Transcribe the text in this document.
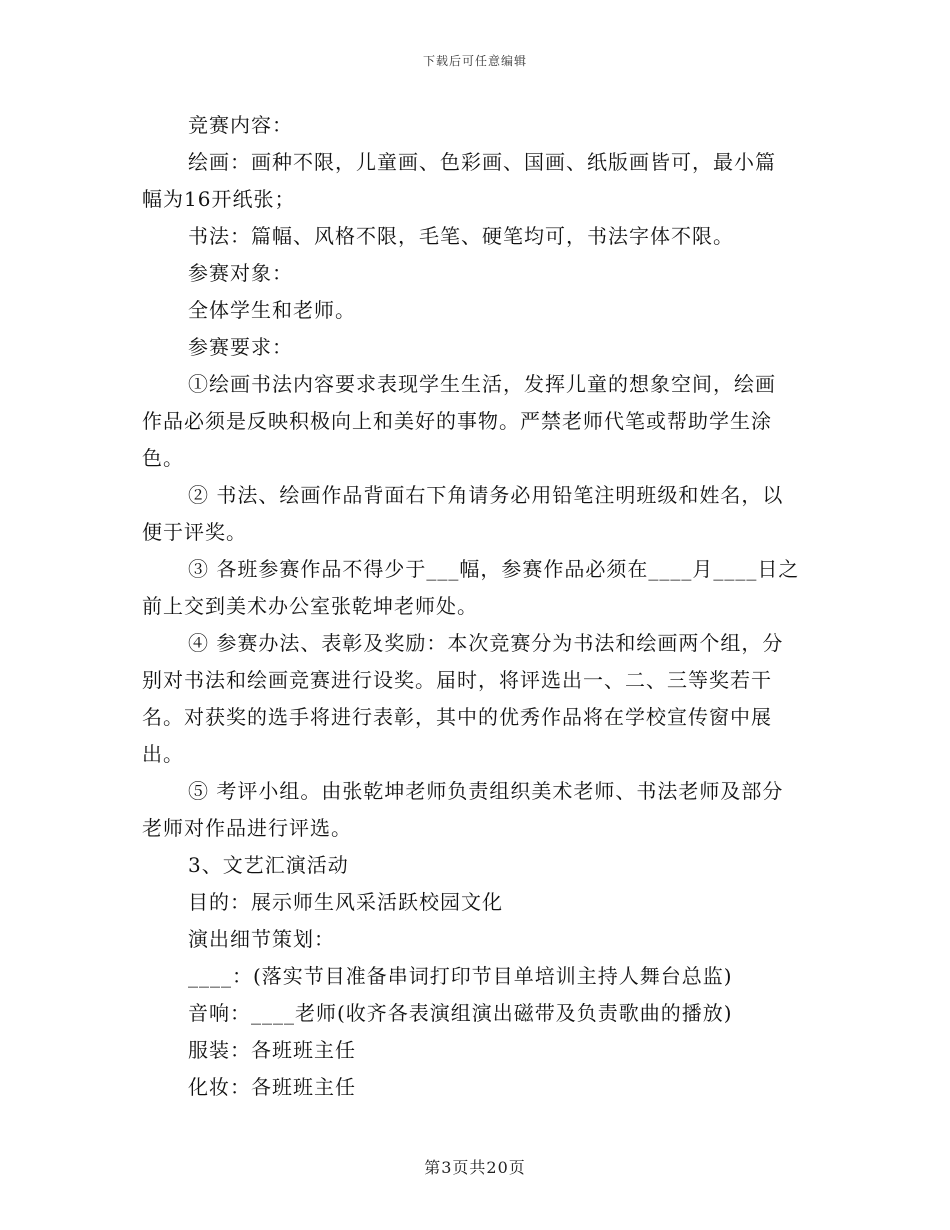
下载后可任意编辑
竞赛内容：
绘画：画种不限，儿童画、色彩画、国画、纸版画皆可，最小篇
幅为16开纸张；
书法：篇幅、风格不限，毛笔、硬笔均可，书法字体不限。
参赛对象：
全体学生和老师。
参赛要求：
①绘画书法内容要求表现学生生活，发挥儿童的想象空间，绘画
作品必须是反映积极向上和美好的事物。严禁老师代笔或帮助学生涂
色。
② 书法、绘画作品背面右下角请务必用铅笔注明班级和姓名，以
便于评奖。
③ 各班参赛作品不得少于___幅，参赛作品必须在____月____日之
前上交到美术办公室张乾坤老师处。
④ 参赛办法、表彰及奖励：本次竞赛分为书法和绘画两个组，分
别对书法和绘画竞赛进行设奖。届时，将评选出一、二、三等奖若干
名。对获奖的选手将进行表彰，其中的优秀作品将在学校宣传窗中展
出。
⑤ 考评小组。由张乾坤老师负责组织美术老师、书法老师及部分
老师对作品进行评选。
3、文艺汇演活动
目的：展示师生风采活跃校园文化
演出细节策划：
____：(落实节目准备串词打印节目单培训主持人舞台总监)
音响：____老师(收齐各表演组演出磁带及负责歌曲的播放)
服装：各班班主任
化妆：各班班主任
第3页共20页
